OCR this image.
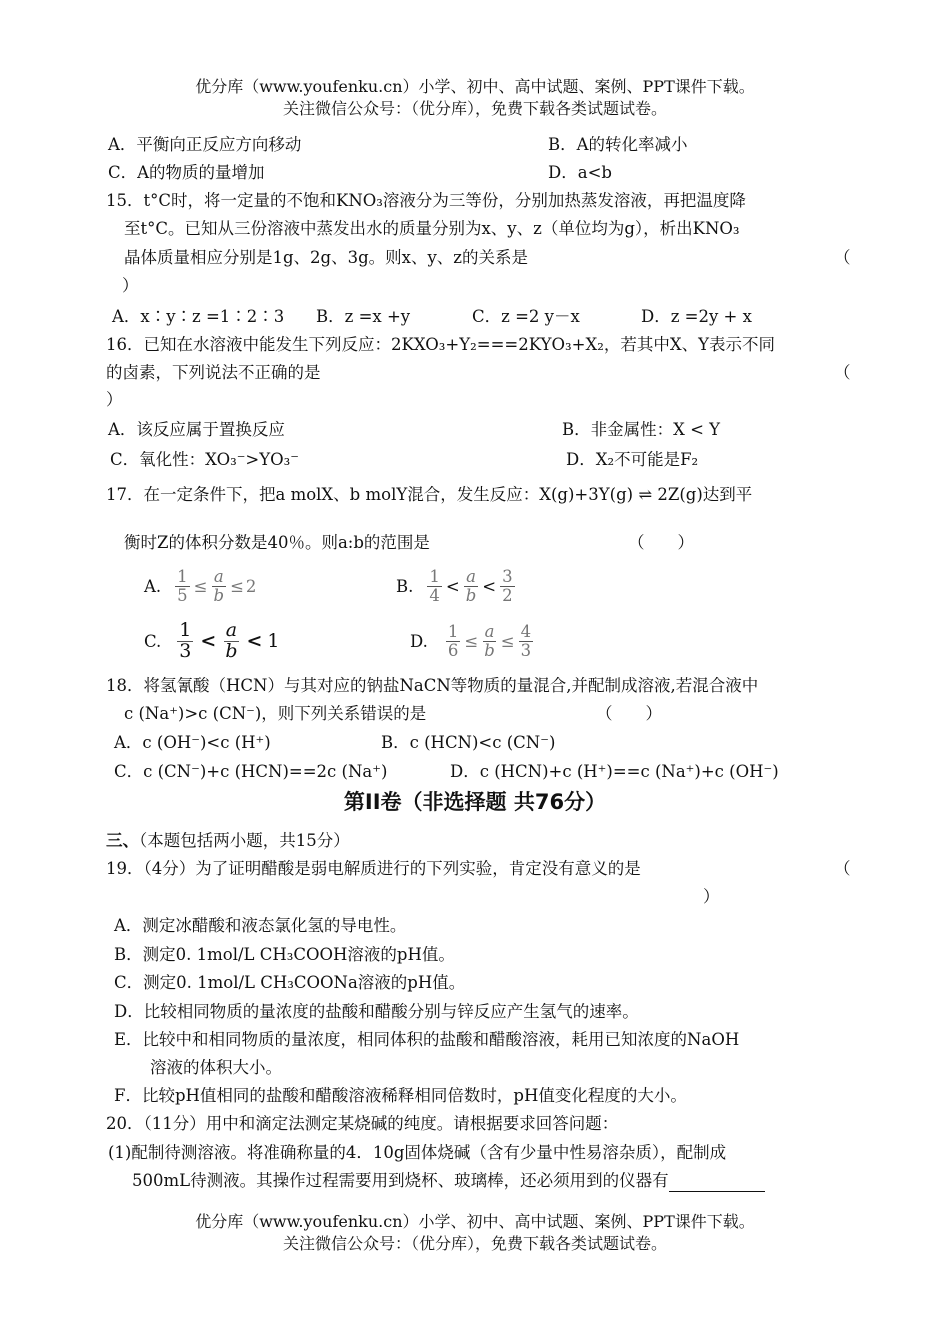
优分库（www.youfenku.cn）小学、初中、高中试题、案例、PPT课件下载。
关注微信公众号：（优分库），免费下载各类试题试卷。
A．平衡向正反应方向移动	B．A的转化率减小
C．A的物质的量增加	D．a<b
15．t°C时，将一定量的不饱和KNO₃溶液分为三等份，分别加热蒸发溶液，再把温度降
至t°C。已知从三份溶液中蒸发出水的质量分别为x、y、z（单位均为g），析出KNO₃
晶体质量相应分别是1g、2g、3g。则x、y、z的关系是	（
）
A．x∶y∶z =1∶2∶3 B．z =x +y	C．z =2 y－x	D．z =2y + x
16．已知在水溶液中能发生下列反应：2KXO₃+Y₂===2KYO₃+X₂，若其中X、Y表示不同
的卤素，下列说法不正确的是	（
）
A．该反应属于置换反应	B．非金属性：X < Y
C．氧化性：XO₃⁻>YO₃⁻	D．X₂不可能是F₂
17．在一定条件下，把a molX、b molY混合，发生反应：X(g)+3Y(g) ⇌ 2Z(g)达到平
衡时Z的体积分数是40％。则a:b的范围是	（　　）
A. $\frac{1}{5} \le \frac{a}{b} \le 2$	B. $\frac{1}{4} < \frac{a}{b} < \frac{3}{2}$
C. $\frac{1}{3} < \frac{a}{b} < 1$	D. $\frac{1}{6} \le \frac{a}{b} \le \frac{4}{3}$
18．将氢氰酸（HCN）与其对应的钠盐NaCN等物质的量混合,并配制成溶液,若混合液中
c (Na⁺)>c (CN⁻)，则下列关系错误的是	（　　）
A．c (OH⁻)<c (H⁺)	B．c (HCN)<c (CN⁻)
C．c (CN⁻)+c (HCN)==2c (Na⁺)	D．c (HCN)+c (H⁺)==c (Na⁺)+c (OH⁻)
第II卷（非选择题 共76分）
三、（本题包括两小题，共15分）
19．（4分）为了证明醋酸是弱电解质进行的下列实验，肯定没有意义的是	（
）
A．测定冰醋酸和液态氯化氢的导电性。
B．测定0. 1mol/L CH₃COOH溶液的pH值。
C．测定0. 1mol/L CH₃COONa溶液的pH值。
D．比较相同物质的量浓度的盐酸和醋酸分别与锌反应产生氢气的速率。
E．比较中和相同物质的量浓度，相同体积的盐酸和醋酸溶液，耗用已知浓度的NaOH
溶液的体积大小。
F．比较pH值相同的盐酸和醋酸溶液稀释相同倍数时，pH值变化程度的大小。
20．（11分）用中和滴定法测定某烧碱的纯度。请根据要求回答问题：
(1)配制待测溶液。将准确称量的4．10g固体烧碱（含有少量中性易溶杂质），配制成
500mL待测液。其操作过程需要用到烧杯、玻璃棒，还必须用到的仪器有
优分库（www.youfenku.cn）小学、初中、高中试题、案例、PPT课件下载。
关注微信公众号：（优分库），免费下载各类试题试卷。
